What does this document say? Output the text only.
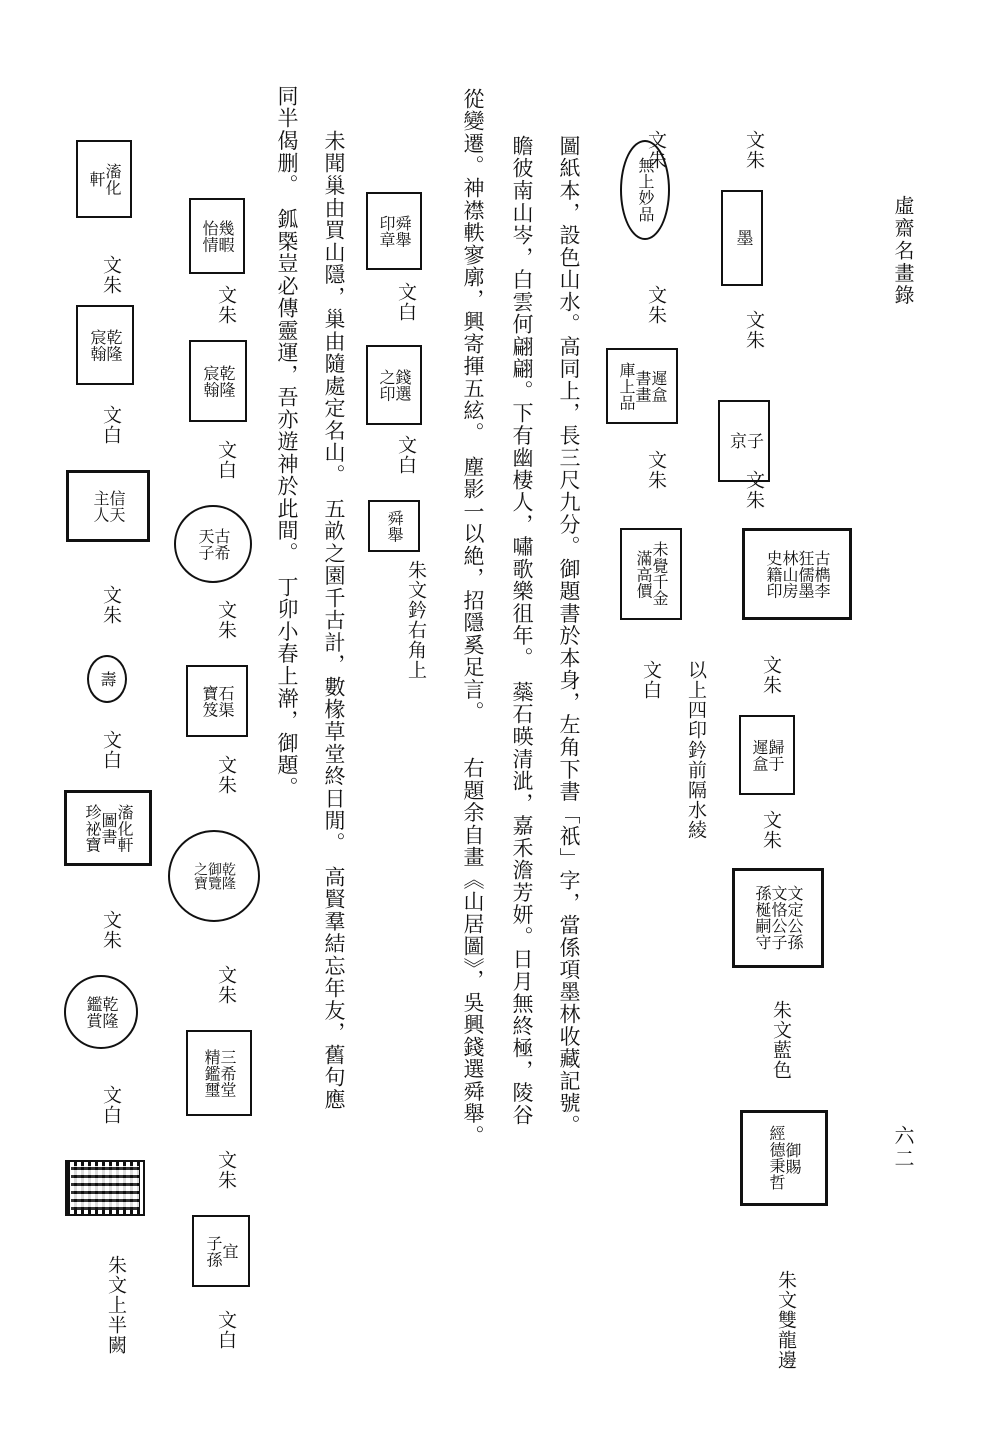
虛齋名畫錄
六二
圖紙本，設色山水。高同上，長三尺九分。御題書於本身，左角下書「祇」字，當係項墨林收藏記號。
瞻彼南山岑，白雲何翩翩。下有幽棲人，嘯歌樂徂年。　蘂石暎清泚，嘉禾澹芳妍。日月無終極，陵谷
從變遷。神襟軼寥廓，興寄揮五絃。　塵影一以絶，招隱奚足言。　　右題余自畫《山居圖》，吳興錢選舜舉。
未聞巢由買山隱，巢由隨處定名山。　五畝之園千古計，數椽草堂終日閒。　高賢羣結忘年友，舊句應
同半偈删。　鈲㮣豈必傳靈運，吾亦遊神於此間。　丁卯小春上澣，御題。	文朱
墨
文朱
子
京
文朱
古檇李
狂儒墨
林山房
史籍印
文朱
歸于
遲盒
文朱
文定公孫
文恪公子
孫梴嗣守
朱文藍色
御賜
經德秉哲
朱文雙龍邊
文朱
無上妙品
文朱
遲盒
書畫
庫上品
文朱
未覺千金
滿高價
文白 以上四印鈐前隔水綾
舜舉
印章
文白
錢選
之印
文白
舜舉
朱文鈐右角上
幾暇
怡情
文朱
乾隆
宸翰
文白
古希
天子
文朱
石渠
寶笈
文朱
乾隆
御覽
之寶
文朱
三希堂
精鑑璽
文朱
宜
子孫
文白
滀化
軒
文朱
乾隆
宸翰
文白
信天
主人
文朱
壽
文白
滀化軒
圖書
珍祕寶
文朱
乾隆
鑑賞
文白
朱文上半闕
